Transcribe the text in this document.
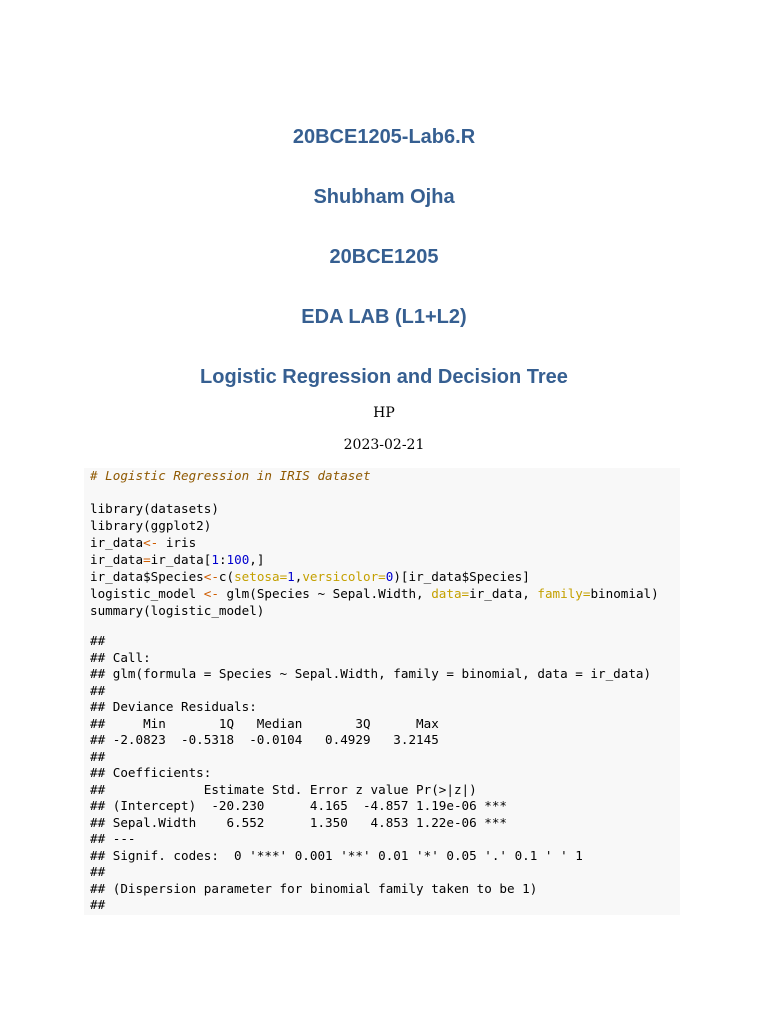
20BCE1205-Lab6.R
Shubham Ojha
20BCE1205
EDA LAB (L1+L2)
Logistic Regression and Decision Tree
HP
2023-02-21
# Logistic Regression in IRIS dataset
library(datasets)
library(ggplot2)
ir_data<- iris
ir_data=ir_data[1:100,]
ir_data$Species<-c(setosa=1,versicolor=0)[ir_data$Species]
logistic_model <- glm(Species ~ Sepal.Width, data=ir_data, family=binomial)
summary(logistic_model)
##
## Call:
## glm(formula = Species ~ Sepal.Width, family = binomial, data = ir_data)
##
## Deviance Residuals:
##     Min       1Q   Median       3Q      Max
## -2.0823  -0.5318  -0.0104   0.4929   3.2145
##
## Coefficients:
##             Estimate Std. Error z value Pr(>|z|)
## (Intercept)  -20.230      4.165  -4.857 1.19e-06 ***
## Sepal.Width    6.552      1.350   4.853 1.22e-06 ***
## ---
## Signif. codes:  0 '***' 0.001 '**' 0.01 '*' 0.05 '.' 0.1 ' ' 1
##
## (Dispersion parameter for binomial family taken to be 1)
##
